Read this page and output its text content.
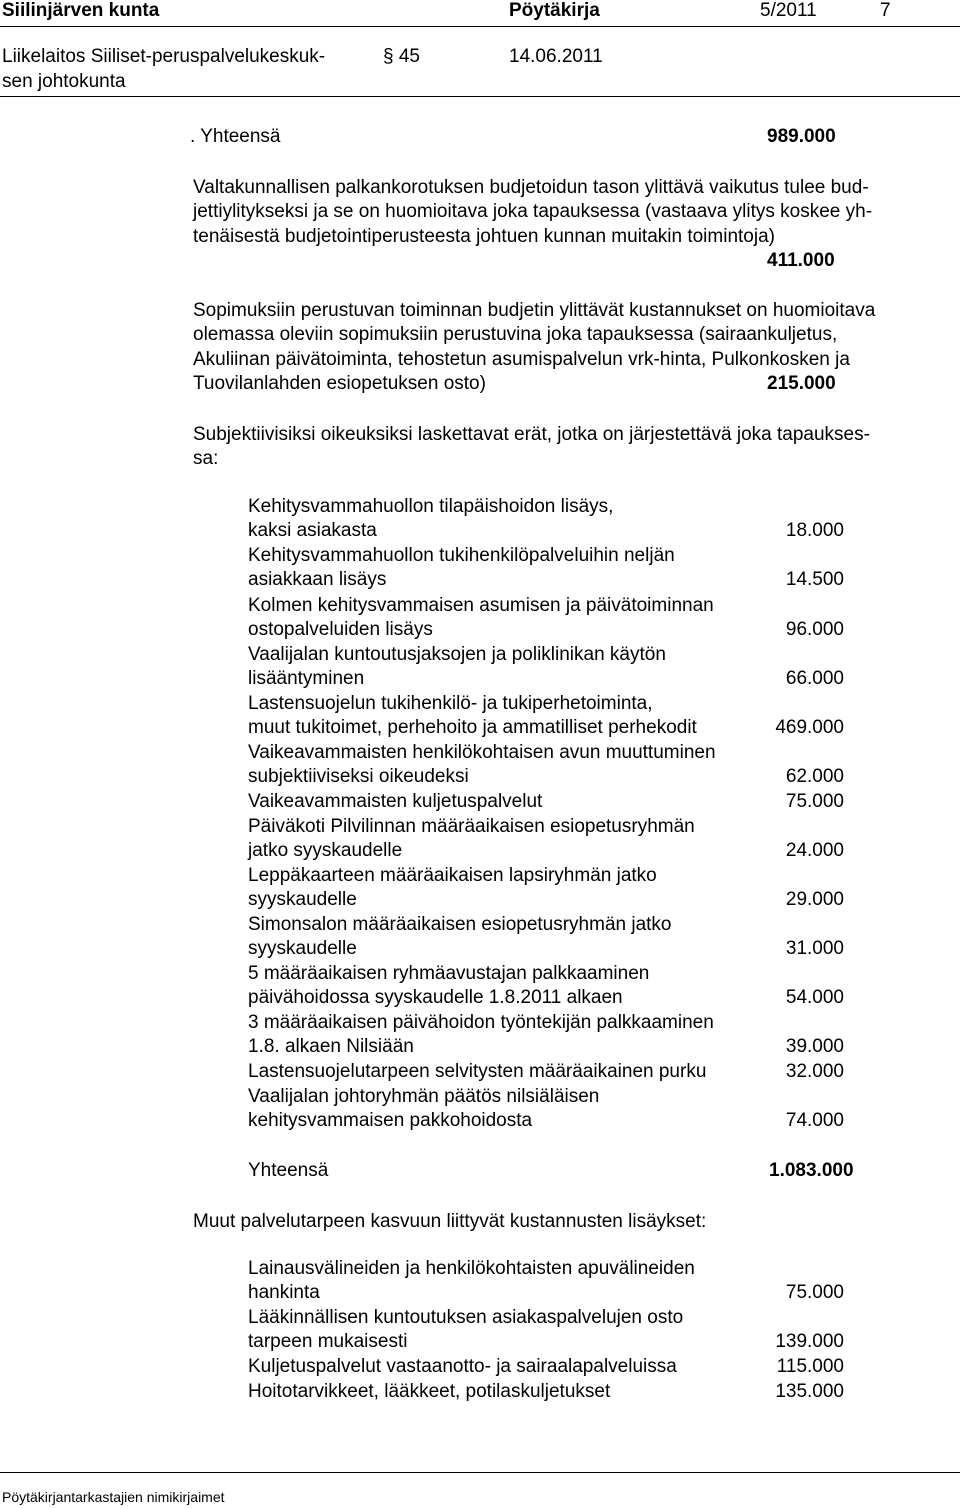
Siilinjärven kunta	Pöytäkirja	5/2011	7
Liikelaitos Siiliset-peruspalvelukeskuk-
sen johtokunta
§ 45	14.06.2011
. Yhteensä	989.000
Valtakunnallisen palkankorotuksen budjetoidun tason ylittävä vaikutus tulee bud-
jettiylitykseksi ja se on huomioitava joka tapauksessa (vastaava ylitys koskee yh-
tenäisestä budjetointiperusteesta johtuen kunnan muitakin toimintoja)
411.000
Sopimuksiin perustuvan toiminnan budjetin ylittävät kustannukset on huomioitava
olemassa oleviin sopimuksiin perustuvina joka tapauksessa (sairaankuljetus,
Akuliinan päivätoiminta, tehostetun asumispalvelun vrk-hinta, Pulkonkosken ja
Tuovilanlahden esiopetuksen osto)	215.000
Subjektiivisiksi oikeuksiksi laskettavat erät, jotka on järjestettävä joka tapaukses-
sa:
Kehitysvammahuollon tilapäishoidon lisäys,
kaksi asiakasta	18.000
Kehitysvammahuollon tukihenkilöpalveluihin neljän
asiakkaan lisäys	14.500
Kolmen kehitysvammaisen asumisen ja päivätoiminnan
ostopalveluiden lisäys	96.000
Vaalijalan kuntoutusjaksojen ja poliklinikan käytön
lisääntyminen	66.000
Lastensuojelun tukihenkilö- ja tukiperhetoiminta,
muut tukitoimet, perhehoito ja ammatilliset perhekodit	469.000
Vaikeavammaisten henkilökohtaisen avun muuttuminen
subjektiiviseksi oikeudeksi	62.000
Vaikeavammaisten kuljetuspalvelut	75.000
Päiväkoti Pilvilinnan määräaikaisen esiopetusryhmän
jatko syyskaudelle	24.000
Leppäkaarteen määräaikaisen lapsiryhmän jatko
syyskaudelle	29.000
Simonsalon määräaikaisen esiopetusryhmän jatko
syyskaudelle	31.000
5 määräaikaisen ryhmäavustajan palkkaaminen
päivähoidossa syyskaudelle 1.8.2011 alkaen	54.000
3 määräaikaisen päivähoidon työntekijän palkkaaminen
1.8. alkaen Nilsiään	39.000
Lastensuojelutarpeen selvitysten määräaikainen purku	32.000
Vaalijalan johtoryhmän päätös nilsiäläisen
kehitysvammaisen pakkohoidosta	74.000
Yhteensä	1.083.000
Muut palvelutarpeen kasvuun liittyvät kustannusten lisäykset:
Lainausvälineiden ja henkilökohtaisten apuvälineiden
hankinta	75.000
Lääkinnällisen kuntoutuksen asiakaspalvelujen osto
tarpeen mukaisesti	139.000
Kuljetuspalvelut vastaanotto- ja sairaalapalveluissa	115.000
Hoitotarvikkeet, lääkkeet, potilaskuljetukset	135.000
Pöytäkirjantarkastajien nimikirjaimet
